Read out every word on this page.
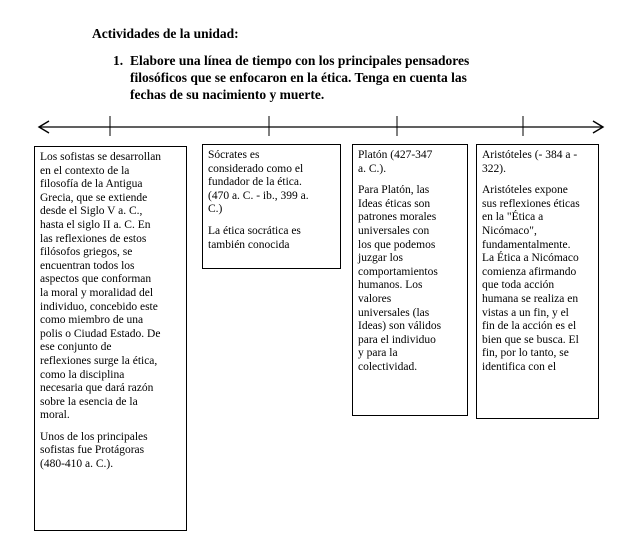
Actividades de la unidad:
1. Elabore una línea de tiempo con los principales pensadores
filosóficos que se enfocaron en la ética. Tenga en cuenta las
fechas de su nacimiento y muerte.

Los sofistas se desarrollan
en el contexto de la
filosofía de la Antigua
Grecia, que se extiende
desde el Siglo V a. C.,
hasta el siglo II a. C. En
las reflexiones de estos
filósofos griegos, se
encuentran todos los
aspectos que conforman
la moral y moralidad del
individuo, concebido este
como miembro de una
polis o Ciudad Estado. De
ese conjunto de
reflexiones surge la ética,
como la disciplina
necesaria que dará razón
sobre la esencia de la
moral.

Unos de los principales
sofistas fue Protágoras
(480-410 a. C.).

Sócrates es
considerado como el
fundador de la ética.
(470 a. C. - ib., 399 a.
C.)

La ética socrática es
también conocida

Platón (427-347
a. C.).

Para Platón, las
Ideas éticas son
patrones morales
universales con
los que podemos
juzgar los
comportamientos
humanos. Los
valores
universales (las
Ideas) son válidos
para el individuo
y para la
colectividad.

Aristóteles (- 384 a -
322).

Aristóteles expone
sus reflexiones éticas
en la "Ética a
Nicómaco",
fundamentalmente.
La Ética a Nicómaco
comienza afirmando
que toda acción
humana se realiza en
vistas a un fin, y el
fin de la acción es el
bien que se busca. El
fin, por lo tanto, se
identifica con el
